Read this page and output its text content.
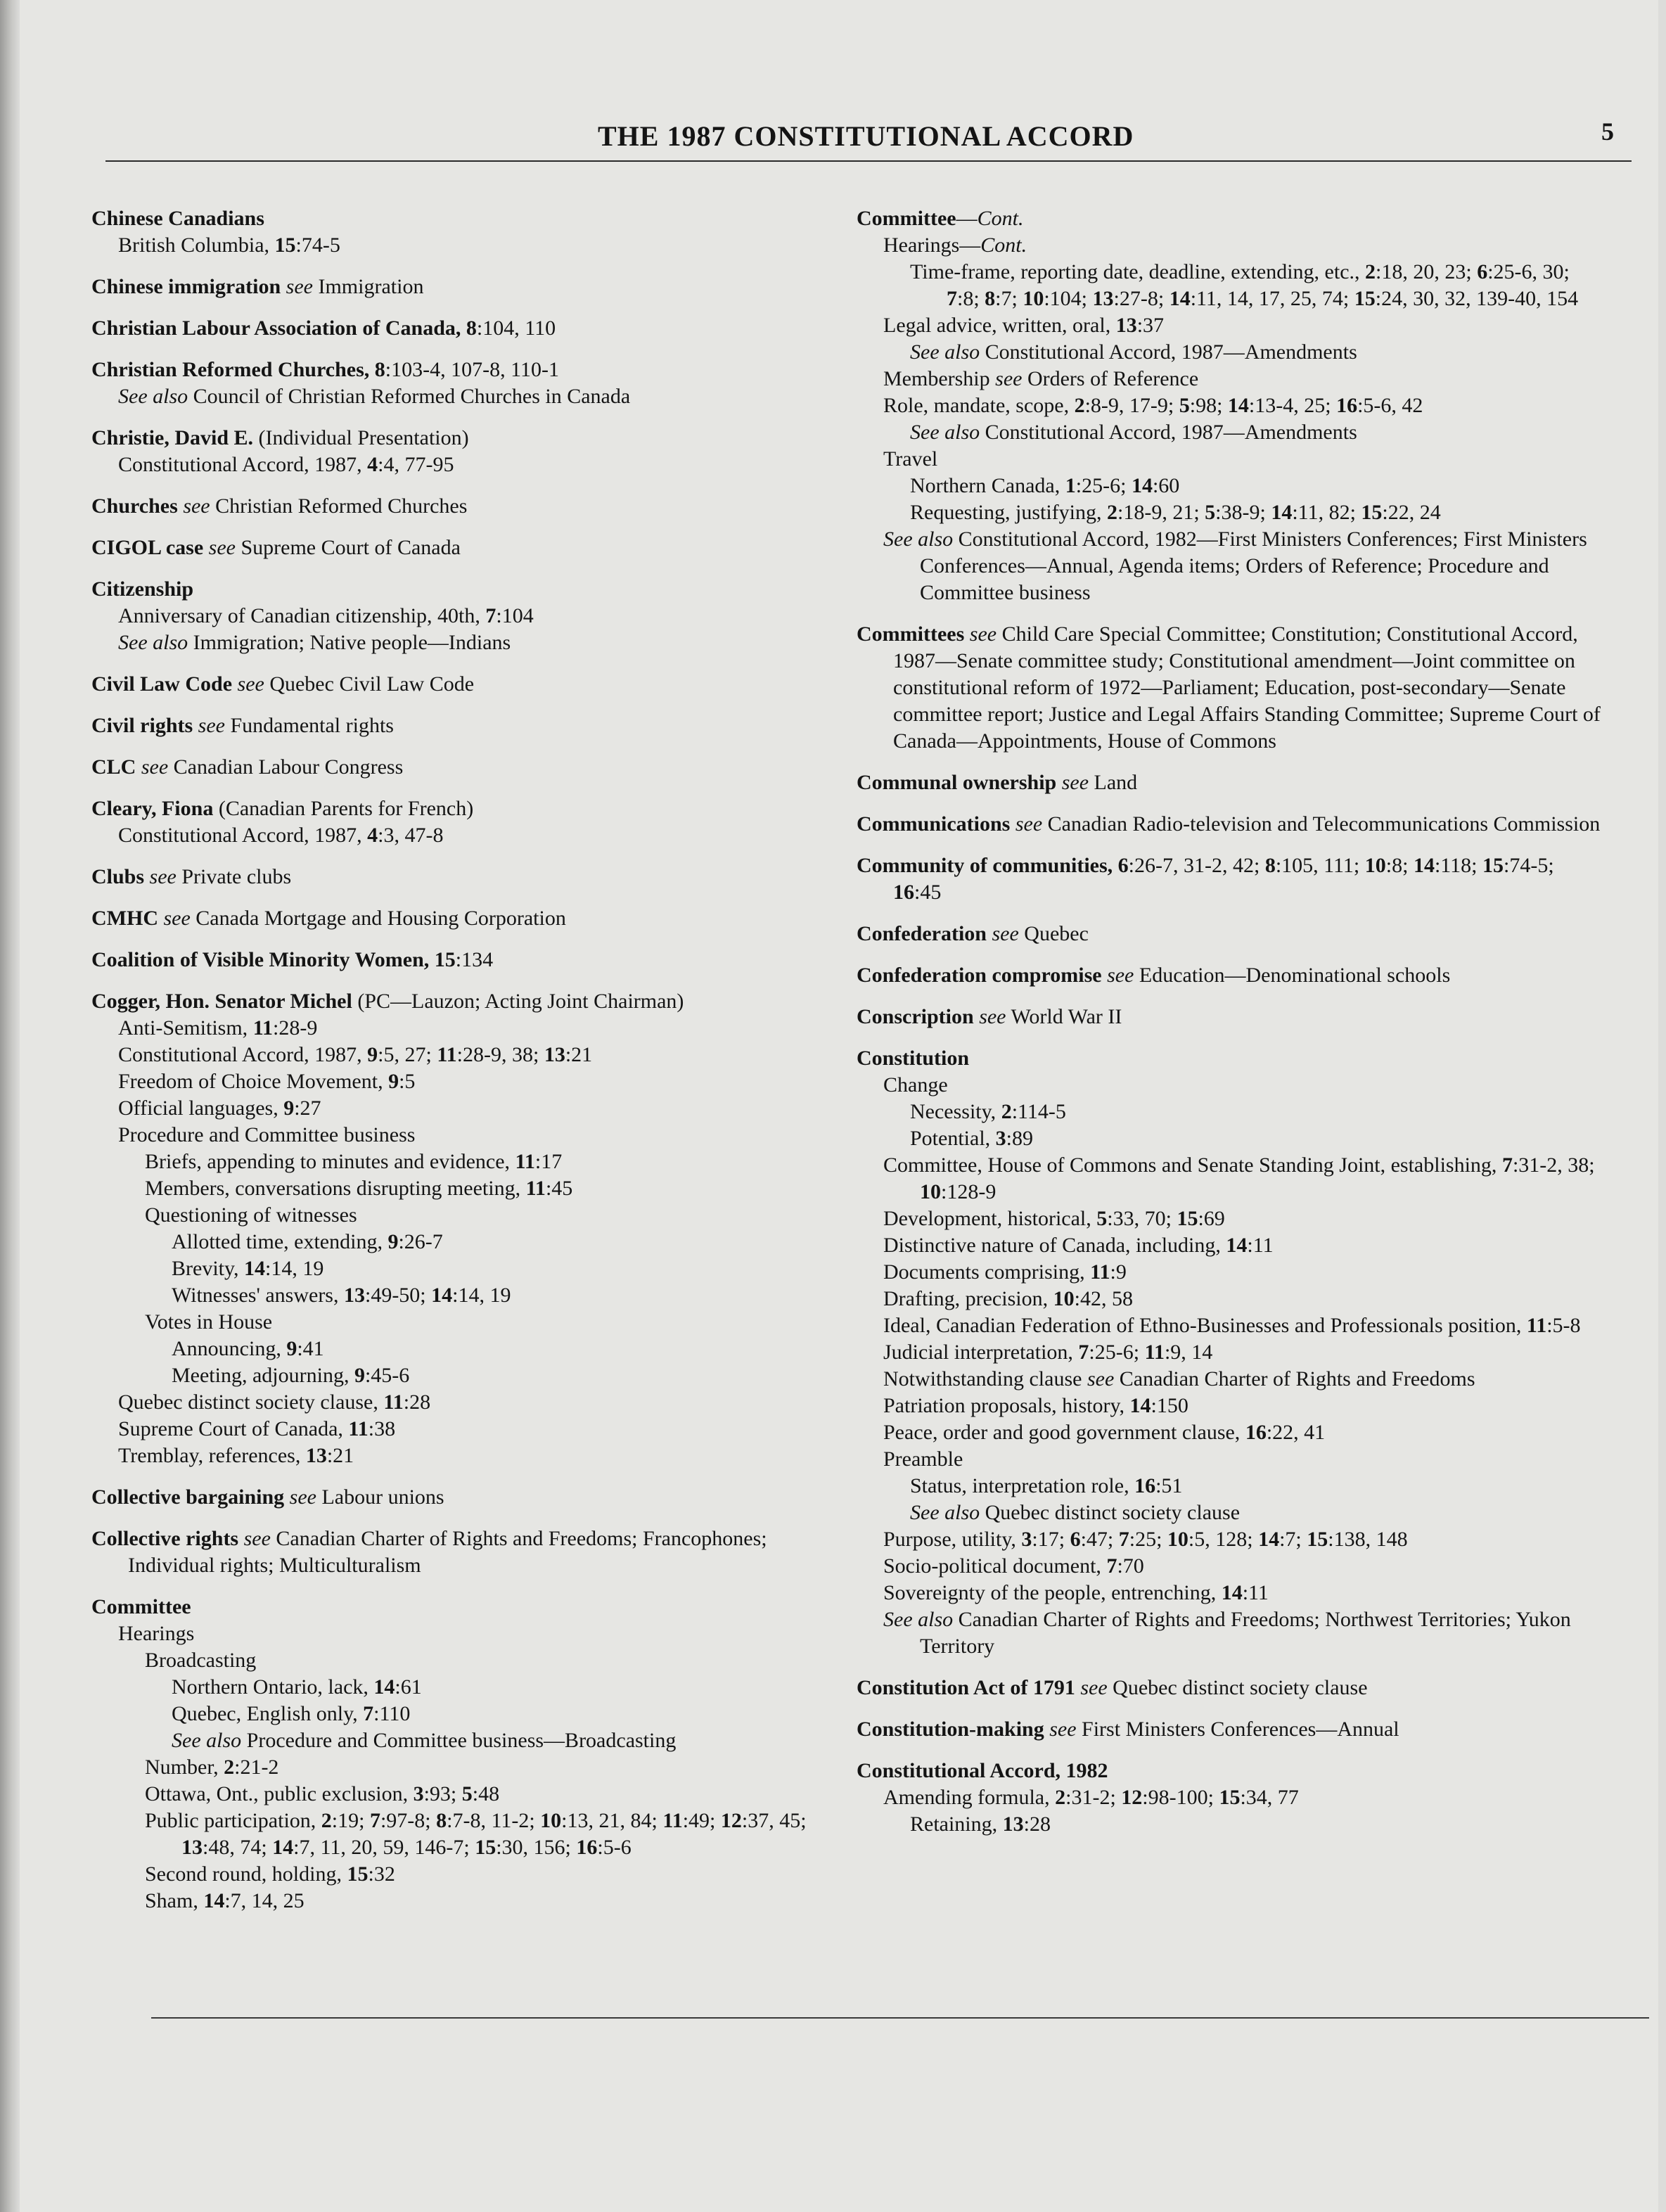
THE 1987 CONSTITUTIONAL ACCORD	5
Chinese Canadians
British Columbia, 15:74-5
Chinese immigration see Immigration
Christian Labour Association of Canada, 8:104, 110
Christian Reformed Churches, 8:103-4, 107-8, 110-1
See also Council of Christian Reformed Churches in Canada
Christie, David E. (Individual Presentation)
Constitutional Accord, 1987, 4:4, 77-95
Churches see Christian Reformed Churches
CIGOL case see Supreme Court of Canada
Citizenship
Anniversary of Canadian citizenship, 40th, 7:104
See also Immigration; Native people—Indians
Civil Law Code see Quebec Civil Law Code
Civil rights see Fundamental rights
CLC see Canadian Labour Congress
Cleary, Fiona (Canadian Parents for French)
Constitutional Accord, 1987, 4:3, 47-8
Clubs see Private clubs
CMHC see Canada Mortgage and Housing Corporation
Coalition of Visible Minority Women, 15:134
Cogger, Hon. Senator Michel (PC—Lauzon; Acting Joint Chairman)
Anti-Semitism, 11:28-9
Constitutional Accord, 1987, 9:5, 27; 11:28-9, 38; 13:21
Freedom of Choice Movement, 9:5
Official languages, 9:27
Procedure and Committee business
Briefs, appending to minutes and evidence, 11:17
Members, conversations disrupting meeting, 11:45
Questioning of witnesses
Allotted time, extending, 9:26-7
Brevity, 14:14, 19
Witnesses' answers, 13:49-50; 14:14, 19
Votes in House
Announcing, 9:41
Meeting, adjourning, 9:45-6
Quebec distinct society clause, 11:28
Supreme Court of Canada, 11:38
Tremblay, references, 13:21
Collective bargaining see Labour unions
Collective rights see Canadian Charter of Rights and Freedoms; Francophones; Individual rights; Multiculturalism
Committee
Hearings
Broadcasting
Northern Ontario, lack, 14:61
Quebec, English only, 7:110
See also Procedure and Committee business—Broadcasting
Number, 2:21-2
Ottawa, Ont., public exclusion, 3:93; 5:48
Public participation, 2:19; 7:97-8; 8:7-8, 11-2; 10:13, 21, 84; 11:49; 12:37, 45; 13:48, 74; 14:7, 11, 20, 59, 146-7; 15:30, 156; 16:5-6
Second round, holding, 15:32
Sham, 14:7, 14, 25
Committee—Cont.
Hearings—Cont.
Time-frame, reporting date, deadline, extending, etc., 2:18, 20, 23; 6:25-6, 30; 7:8; 8:7; 10:104; 13:27-8; 14:11, 14, 17, 25, 74; 15:24, 30, 32, 139-40, 154
Legal advice, written, oral, 13:37
See also Constitutional Accord, 1987—Amendments
Membership see Orders of Reference
Role, mandate, scope, 2:8-9, 17-9; 5:98; 14:13-4, 25; 16:5-6, 42
See also Constitutional Accord, 1987—Amendments
Travel
Northern Canada, 1:25-6; 14:60
Requesting, justifying, 2:18-9, 21; 5:38-9; 14:11, 82; 15:22, 24
See also Constitutional Accord, 1982—First Ministers Conferences; First Ministers Conferences—Annual, Agenda items; Orders of Reference; Procedure and Committee business
Committees see Child Care Special Committee; Constitution; Constitutional Accord, 1987—Senate committee study; Constitutional amendment—Joint committee on constitutional reform of 1972—Parliament; Education, post-secondary—Senate committee report; Justice and Legal Affairs Standing Committee; Supreme Court of Canada—Appointments, House of Commons
Communal ownership see Land
Communications see Canadian Radio-television and Telecommunications Commission
Community of communities, 6:26-7, 31-2, 42; 8:105, 111; 10:8; 14:118; 15:74-5; 16:45
Confederation see Quebec
Confederation compromise see Education—Denominational schools
Conscription see World War II
Constitution
Change
Necessity, 2:114-5
Potential, 3:89
Committee, House of Commons and Senate Standing Joint, establishing, 7:31-2, 38; 10:128-9
Development, historical, 5:33, 70; 15:69
Distinctive nature of Canada, including, 14:11
Documents comprising, 11:9
Drafting, precision, 10:42, 58
Ideal, Canadian Federation of Ethno-Businesses and Professionals position, 11:5-8
Judicial interpretation, 7:25-6; 11:9, 14
Notwithstanding clause see Canadian Charter of Rights and Freedoms
Patriation proposals, history, 14:150
Peace, order and good government clause, 16:22, 41
Preamble
Status, interpretation role, 16:51
See also Quebec distinct society clause
Purpose, utility, 3:17; 6:47; 7:25; 10:5, 128; 14:7; 15:138, 148
Socio-political document, 7:70
Sovereignty of the people, entrenching, 14:11
See also Canadian Charter of Rights and Freedoms; Northwest Territories; Yukon Territory
Constitution Act of 1791 see Quebec distinct society clause
Constitution-making see First Ministers Conferences—Annual
Constitutional Accord, 1982
Amending formula, 2:31-2; 12:98-100; 15:34, 77
Retaining, 13:28
